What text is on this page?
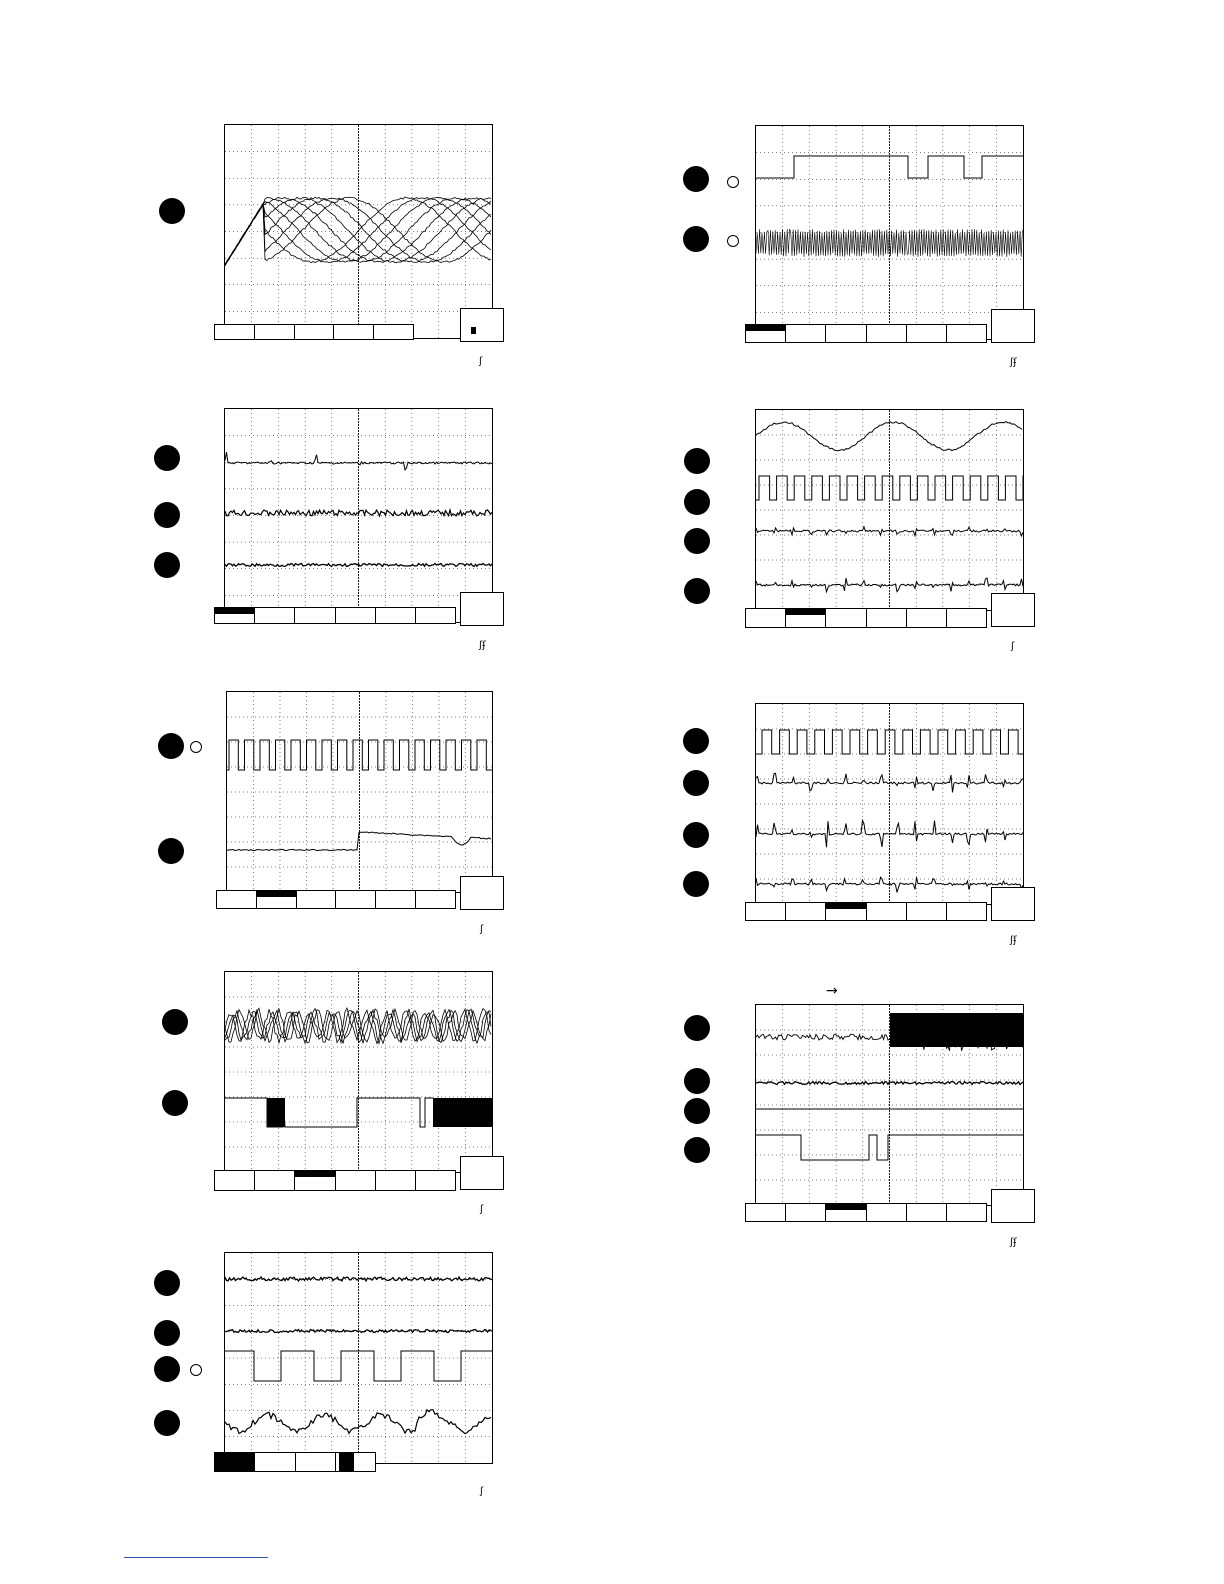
ʃ
ʃʄ
ʃ
ʃ
ʃ
ʃʄ
ʃ
ʃʄ
→
ʃʄ
